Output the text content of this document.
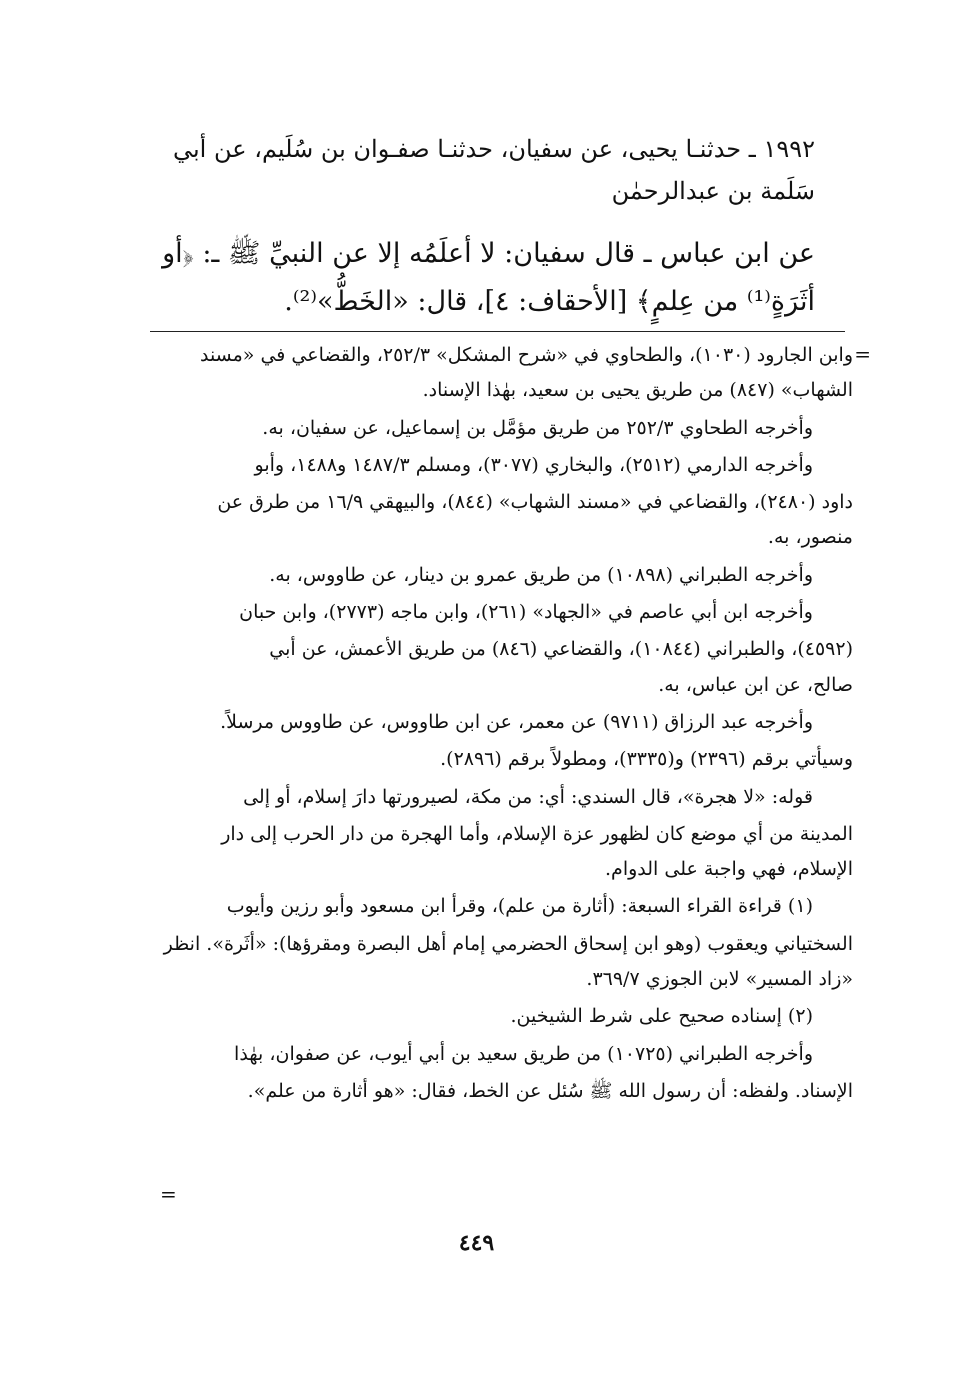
١٩٩٢ ـ حدثنـا يحيى، عن سفيان، حدثنـا صفـوان بن سُلَيم، عن أبي
سَلَمة بن عبدالرحمٰن
عن ابن عباس ـ قال سفيان: لا أعلَمُه إلا عن النبيِّ ﷺ ـ: ﴿أو
أثَرَةٍ⁽¹⁾ من عِلمٍ﴾ [الأحقاف: ٤]، قال: «الخَطُّ»⁽²⁾.
=
وابن الجارود (١٠٣٠)، والطحاوي في «شرح المشكل» ٢٥٢/٣، والقضاعي في «مسند
الشهاب» (٨٤٧) من طريق يحيى بن سعيد، بهٰذا الإسناد.
وأخرجه الطحاوي ٢٥٢/٣ من طريق مؤمَّل بن إسماعيل، عن سفيان، به.
وأخرجه الدارمي (٢٥١٢)، والبخاري (٣٠٧٧)، ومسلم ١٤٨٧/٣ و١٤٨٨، وأبو
داود (٢٤٨٠)، والقضاعي في «مسند الشهاب» (٨٤٤)، والبيهقي ١٦/٩ من طرق عن
منصور، به.
وأخرجه الطبراني (١٠٨٩٨) من طريق عمرو بن دينار، عن طاووس، به.
وأخرجه ابن أبي عاصم في «الجهاد» (٢٦١)، وابن ماجه (٢٧٧٣)، وابن حبان
(٤٥٩٢)، والطبراني (١٠٨٤٤)، والقضاعي (٨٤٦) من طريق الأعمش، عن أبي
صالح، عن ابن عباس، به.
وأخرجه عبد الرزاق (٩٧١١) عن معمر، عن ابن طاووس، عن طاووس مرسلاً.
وسيأتي برقم (٢٣٩٦) و(٣٣٣٥)، ومطولاً برقم (٢٨٩٦).
قوله: «لا هجرة»، قال السندي: أي: من مكة، لصيرورتها دارَ إسلام، أو إلى
المدينة من أي موضع كان لظهور عزة الإسلام، وأما الهجرة من دار الحرب إلى دار
الإسلام، فهي واجبة على الدوام.
(١) قراءة القراء السبعة: (أثارة من علم)، وقرأ ابن مسعود وأبو رزين وأيوب
السختياني ويعقوب (وهو ابن إسحاق الحضرمي إمام أهل البصرة ومقرؤها): «أثَرة». انظر
«زاد المسير» لابن الجوزي ٣٦٩/٧.
(٢) إسناده صحيح على شرط الشيخين.
وأخرجه الطبراني (١٠٧٢٥) من طريق سعيد بن أبي أيوب، عن صفوان، بهٰذا
الإسناد. ولفظه: أن رسول الله ﷺ سُئل عن الخط، فقال: «هو أثارة من علم».
=
٤٤٩
